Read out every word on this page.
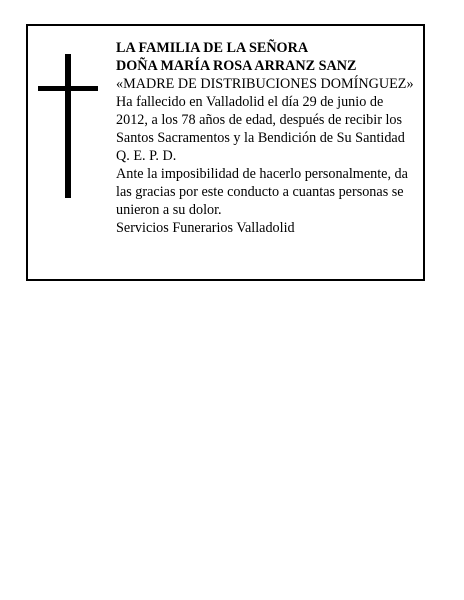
LA FAMILIA DE LA SEÑORA

DOÑA MARÍA ROSA ARRANZ SANZ

«MADRE DE DISTRIBUCIONES DOMÍNGUEZ»

Ha fallecido en Valladolid el día 29 de junio de 2012, a los 78 años de edad, después de recibir los Santos Sacramentos y la Bendición de Su Santidad

Q. E. P. D.

Ante la imposibilidad de hacerlo personalmente, da las gracias por este conducto a cuantas personas se unieron a su dolor.

Servicios Funerarios Valladolid
